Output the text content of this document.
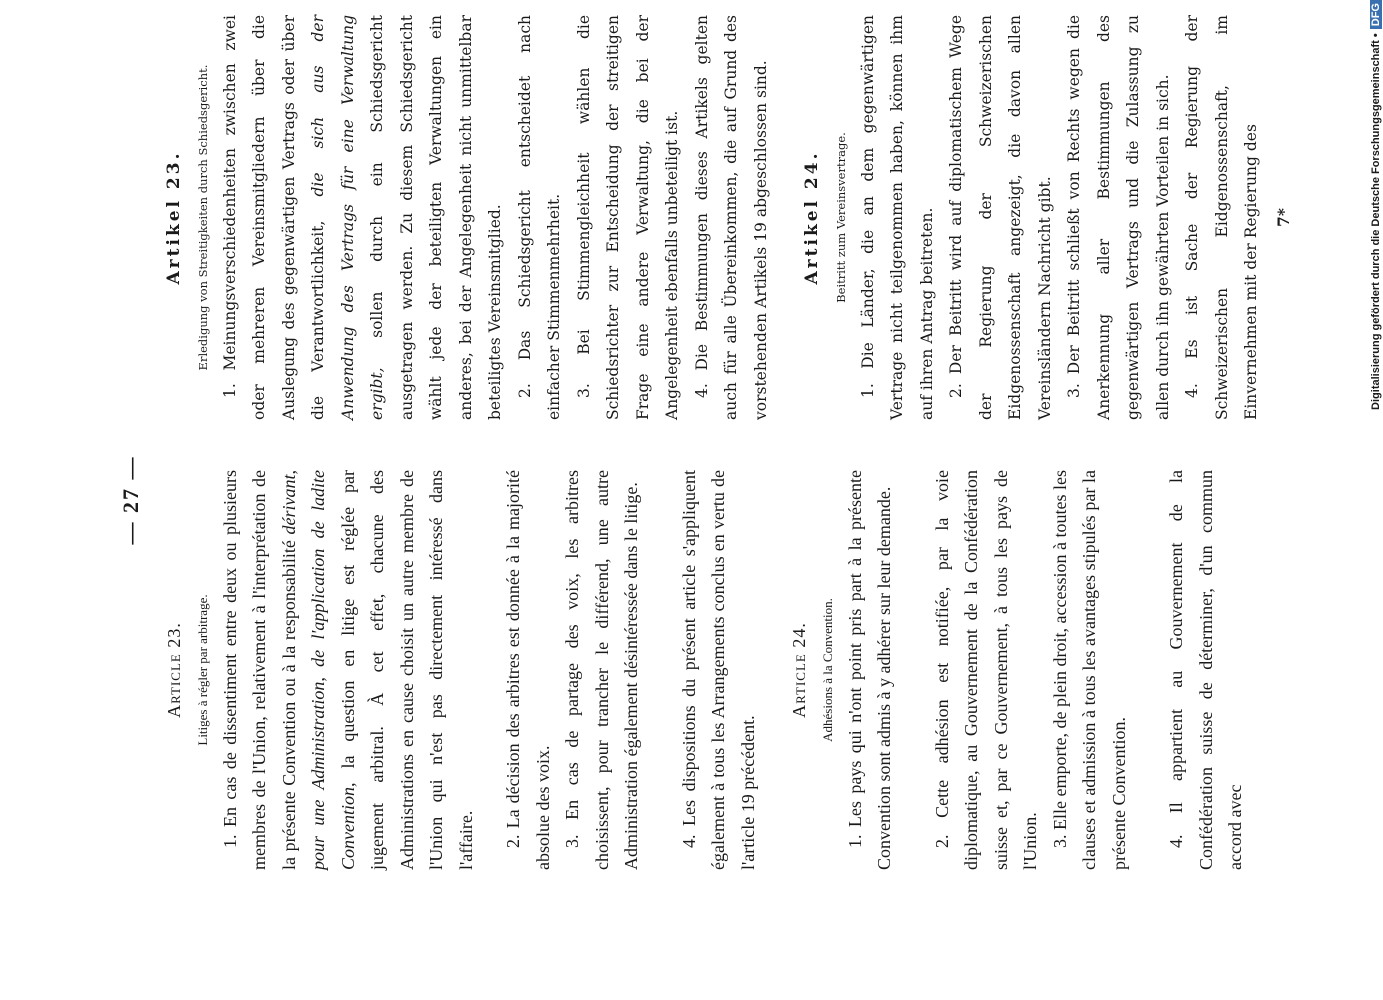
— 27 —
Article 23. Litiges à régler par arbitrage. 1. En cas de dissentiment entre deux ou plusieurs membres de l'Union, relativement à l'interprétation de la présente Convention ou à la responsabilité dérivant, pour une Administration, de l'application de ladite Convention, la question en litige est réglée par jugement arbitral. À cet effet, chacune des Administrations en cause choisit un autre membre de l'Union qui n'est pas directement intéressé dans l'affaire.	2. La décision des arbitres est donnée à la majorité absolue des voix. 3. En cas de partage des voix, les arbitres choisissent, pour trancher le différend, une autre Administration également désintéressée dans le litige.	4. Les dispositions du présent article s'appliquent également à tous les Arrangements conclus en vertu de l'article 19 précédent.

Article 24. Adhésions à la Convention. 1. Les pays qui n'ont point pris part à la présente Convention sont admis à y adhérer sur leur demande.	2. Cette adhésion est notifiée, par la voie diplomatique, au Gouvernement de la Confédération suisse et, par ce Gouvernement, à tous les pays de l'Union. 3. Elle emporte, de plein droit, accession à toutes les clauses et admission à tous les avantages stipulés par la présente Convention.	4. Il appartient au Gouvernement de la Confédération suisse de déterminer, d'un commun accord avec

Artikel 23.	Erledigung von Streitigkeiten durch Schiedsgericht. 1. Meinungsverschiedenheiten zwischen zwei oder mehreren Vereinsmitgliedern über die Auslegung des gegenwärtigen Vertrags oder über die Verantwortlichkeit, die sich aus der Anwendung des Vertrags für eine Verwaltung ergibt, sollen durch ein Schiedsgericht ausgetragen werden. Zu diesem Schiedsgericht wählt jede der beteiligten Verwaltungen ein anderes, bei der Angelegenheit nicht unmittelbar beteiligtes Vereinsmitglied. 2. Das Schiedsgericht entscheidet nach einfacher Stimmenmehrheit. 3. Bei Stimmengleichheit wählen die Schiedsrichter zur Entscheidung der streitigen Frage eine andere Verwaltung, die bei der Angelegenheit ebenfalls unbeteiligt ist. 4. Die Bestimmungen dieses Artikels gelten auch für alle Übereinkommen, die auf Grund des vorstehenden Artikels 19 abgeschlossen sind.	Artikel 24.	Beitritt zum Vereinsvertrage. 1. Die Länder, die an dem gegenwärtigen Vertrage nicht teilgenommen haben, können ihm auf ihren Antrag beitreten. 2. Der Beitritt wird auf diplomatischem Wege der Regierung der Schweizerischen Eidgenossenschaft angezeigt, die davon allen Vereinsländern Nachricht gibt. 3. Der Beitritt schließt von Rechts wegen die Anerkennung aller Bestimmungen des gegenwärtigen Vertrags und die Zulassung zu allen durch ihn gewährten Vorteilen in sich. 4. Es ist Sache der Regierung der Schweizerischen Eidgenossenschaft, im Einvernehmen mit der Regierung des 7*	Digitalisierung gefördert durch die Deutsche Forschungsgemeinschaft •DFG
